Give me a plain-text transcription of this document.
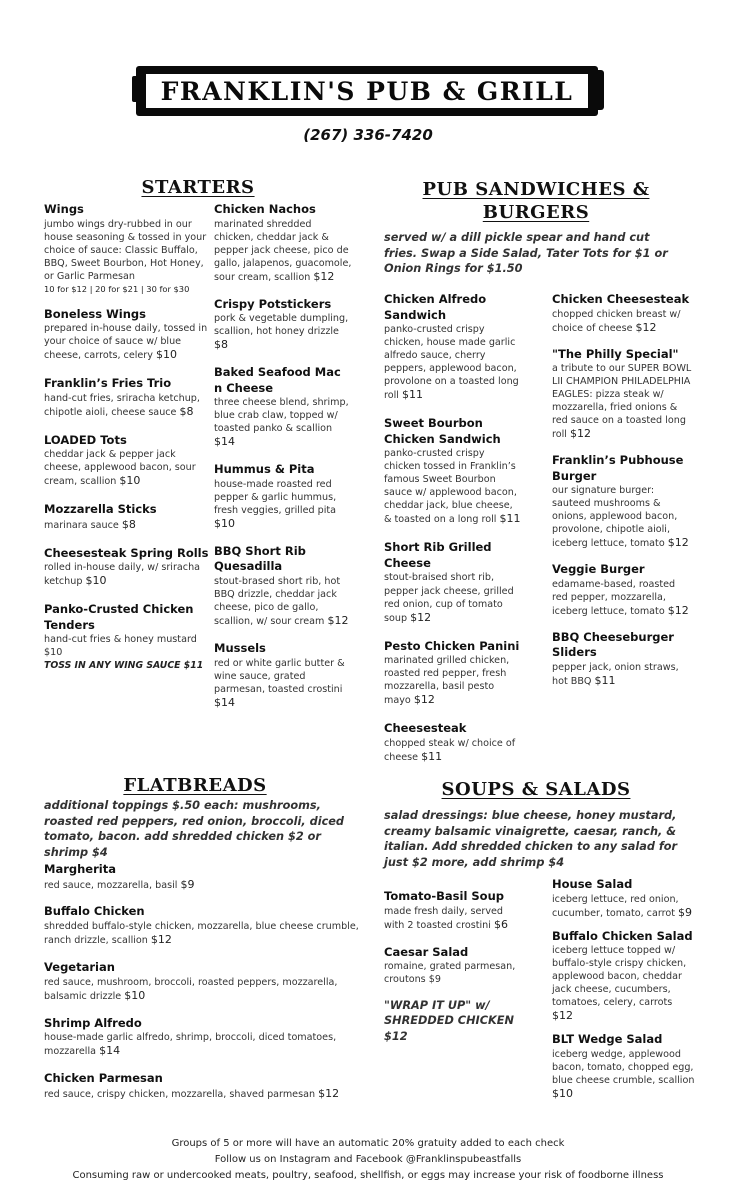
FRANKLIN'S PUB & GRILL
(267) 336-7420
STARTERS
Wings
jumbo wings dry-rubbed in our house seasoning & tossed in your choice of sauce: Classic Buffalo, BBQ, Sweet Bourbon, Hot Honey, or Garlic Parmesan
10 for $12 | 20 for $21 | 30 for $30
Boneless Wings
prepared in-house daily, tossed in your choice of sauce w/ blue cheese, carrots, celery $10
Franklin’s Fries Trio
hand-cut fries, sriracha ketchup, chipotle aioli, cheese sauce $8
LOADED Tots
cheddar jack & pepper jack cheese, applewood bacon, sour cream, scallion $10
Mozzarella Sticks
marinara sauce $8
Cheesesteak Spring Rolls
rolled in-house daily, w/ sriracha ketchup $10
Panko-Crusted Chicken Tenders
hand-cut fries & honey mustard $10
TOSS IN ANY WING SAUCE $11
Chicken Nachos
marinated shredded chicken, cheddar jack & pepper jack cheese, pico de gallo, jalapenos, guacomole, sour cream, scallion $12
Crispy Potstickers
pork & vegetable dumpling, scallion, hot honey drizzle $8
Baked Seafood Mac n Cheese
three cheese blend, shrimp, blue crab claw, topped w/ toasted panko & scallion $14
Hummus & Pita
house-made roasted red pepper & garlic hummus, fresh veggies, grilled pita $10
BBQ Short Rib Quesadilla
stout-brased short rib, hot BBQ drizzle, cheddar jack cheese, pico de gallo, scallion, w/ sour cream $12
Mussels
red or white garlic butter & wine sauce, grated parmesan, toasted crostini $14
PUB SANDWICHES &
BURGERS
served w/ a dill pickle spear and hand cut fries. Swap a Side Salad, Tater Tots for $1 or Onion Rings for $1.50
Chicken Alfredo Sandwich
panko-crusted crispy chicken, house made garlic alfredo sauce, cherry peppers, applewood bacon, provolone on a toasted long roll $11
Sweet Bourbon Chicken Sandwich
panko-crusted crispy chicken tossed in Franklin’s famous Sweet Bourbon sauce w/ applewood bacon, cheddar jack, blue cheese, & toasted on a long roll $11
Short Rib Grilled Cheese
stout-braised short rib, pepper jack cheese, grilled red onion, cup of tomato soup $12
Pesto Chicken Panini
marinated grilled chicken, roasted red pepper, fresh mozzarella, basil pesto mayo $12
Cheesesteak
chopped steak w/ choice of cheese $11
Chicken Cheesesteak
chopped chicken breast w/ choice of cheese $12
"The Philly Special"
a tribute to our SUPER BOWL LII CHAMPION PHILADELPHIA EAGLES: pizza steak w/ mozzarella, fried onions & red sauce on a toasted long roll $12
Franklin’s Pubhouse Burger
our signature burger: sauteed mushrooms & onions, applewood bacon, provolone, chipotle aioli, iceberg lettuce, tomato $12
Veggie Burger
edamame-based, roasted red pepper, mozzarella, iceberg lettuce, tomato $12
BBQ Cheeseburger Sliders
pepper jack, onion straws, hot BBQ $11
FLATBREADS
additional toppings $.50 each: mushrooms, roasted red peppers, red onion, broccoli, diced tomato, bacon. add shredded chicken $2 or shrimp $4
Margherita
red sauce, mozzarella, basil $9
Buffalo Chicken
shredded buffalo-style chicken, mozzarella, blue cheese crumble, ranch drizzle, scallion $12
Vegetarian
red sauce, mushroom, broccoli, roasted peppers, mozzarella, balsamic drizzle $10
Shrimp Alfredo
house-made garlic alfredo, shrimp, broccoli, diced tomatoes, mozzarella $14
Chicken Parmesan
red sauce, crispy chicken, mozzarella, shaved parmesan $12
SOUPS & SALADS
salad dressings: blue cheese, honey mustard, creamy balsamic vinaigrette, caesar, ranch, & italian. Add shredded chicken to any salad for just $2 more, add shrimp $4
Tomato-Basil Soup
made fresh daily, served with 2 toasted crostini $6
Caesar Salad
romaine, grated parmesan, croutons $9
"WRAP IT UP" w/ SHREDDED CHICKEN $12
House Salad
iceberg lettuce, red onion, cucumber, tomato, carrot $9
Buffalo Chicken Salad
iceberg lettuce topped w/ buffalo-style crispy chicken, applewood bacon, cheddar jack cheese, cucumbers, tomatoes, celery, carrots $12
BLT Wedge Salad
iceberg wedge, applewood bacon, tomato, chopped egg, blue cheese crumble, scallion $10
Groups of 5 or more will have an automatic 20% gratuity added to each check
Follow us on Instagram and Facebook @Franklinspubeastfalls
Consuming raw or undercooked meats, poultry, seafood, shellfish, or eggs may increase your risk of foodborne illness
